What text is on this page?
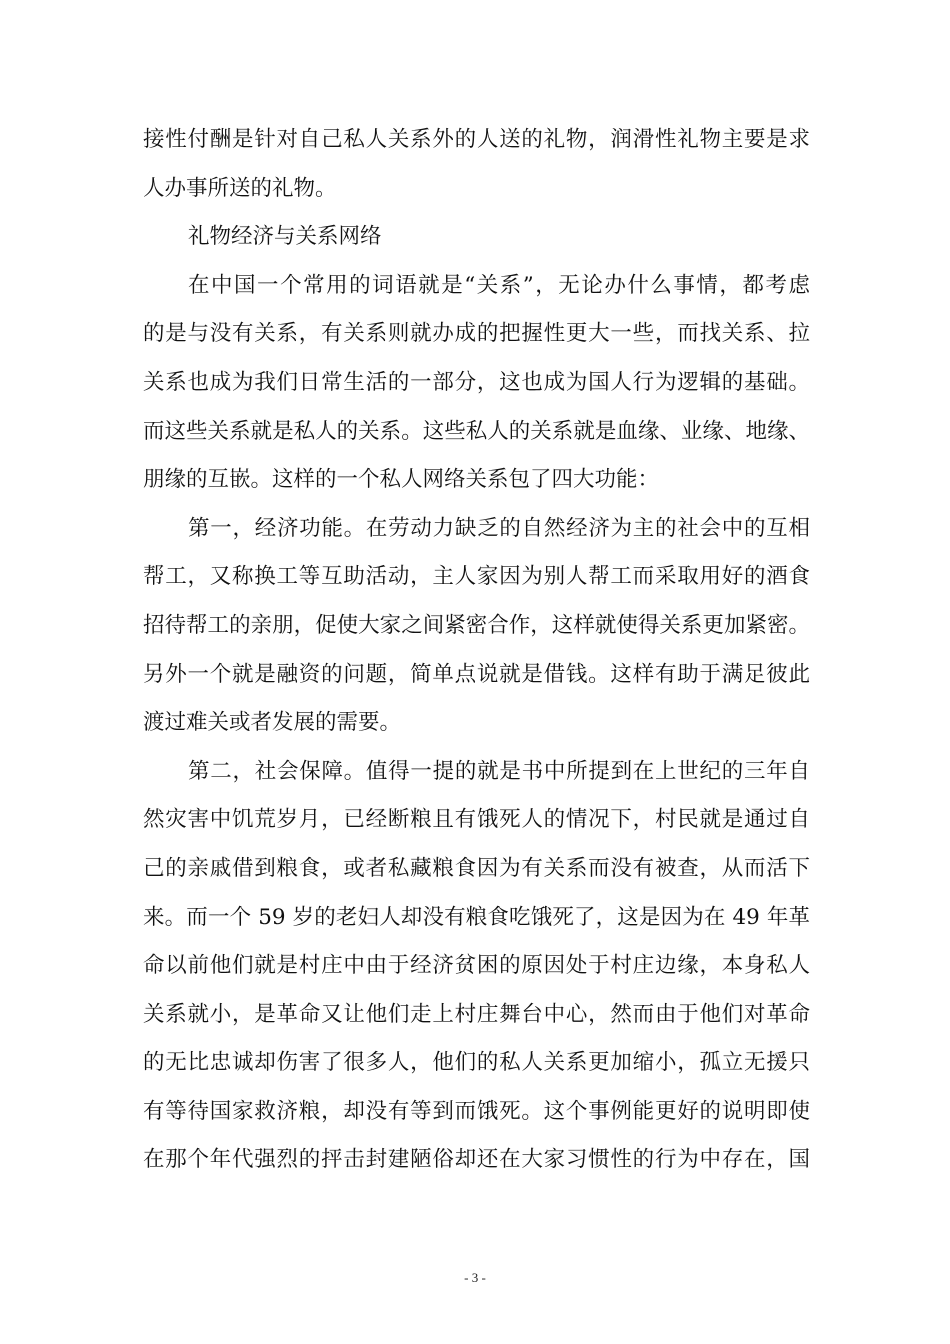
接性付酬是针对自己私人关系外的人送的礼物，润滑性礼物主要是求
人办事所送的礼物。
礼物经济与关系网络
在中国一个常用的词语就是“关系”，无论办什么事情，都考虑
的是与没有关系，有关系则就办成的把握性更大一些，而找关系、拉
关系也成为我们日常生活的一部分，这也成为国人行为逻辑的基础。
而这些关系就是私人的关系。这些私人的关系就是血缘、业缘、地缘、
朋缘的互嵌。这样的一个私人网络关系包了四大功能：
第一，经济功能。在劳动力缺乏的自然经济为主的社会中的互相
帮工，又称换工等互助活动，主人家因为别人帮工而采取用好的酒食
招待帮工的亲朋，促使大家之间紧密合作，这样就使得关系更加紧密。
另外一个就是融资的问题，简单点说就是借钱。这样有助于满足彼此
渡过难关或者发展的需要。
第二，社会保障。值得一提的就是书中所提到在上世纪的三年自
然灾害中饥荒岁月，已经断粮且有饿死人的情况下，村民就是通过自
己的亲戚借到粮食，或者私藏粮食因为有关系而没有被查，从而活下
来。而一个 59 岁的老妇人却没有粮食吃饿死了，这是因为在 49 年革
命以前他们就是村庄中由于经济贫困的原因处于村庄边缘，本身私人
关系就小，是革命又让他们走上村庄舞台中心，然而由于他们对革命
的无比忠诚却伤害了很多人，他们的私人关系更加缩小，孤立无援只
有等待国家救济粮，却没有等到而饿死。这个事例能更好的说明即使
在那个年代强烈的抨击封建陋俗却还在大家习惯性的行为中存在，国
- 3 -
